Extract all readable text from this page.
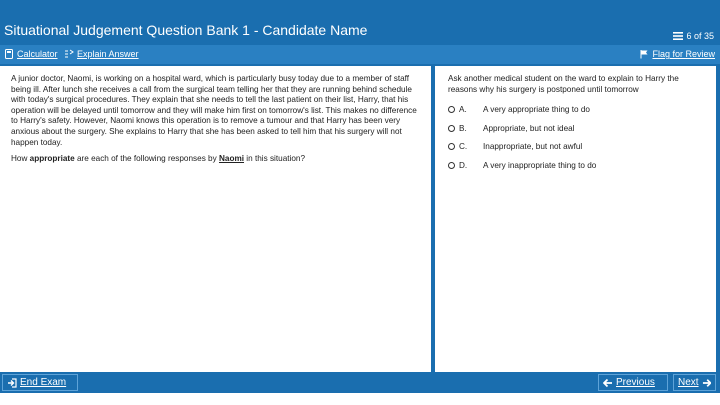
Situational Judgement Question Bank 1 - Candidate Name	6 of 35
Calculator Explain Answer	Flag for Review
A junior doctor, Naomi, is working on a hospital ward, which is particularly busy today due to a member of staff being ill. After lunch she receives a call from the surgical team telling her that they are running behind schedule with today's surgical procedures. They explain that she needs to tell the last patient on their list, Harry, that his operation will be delayed until tomorrow and they will make him first on tomorrow's list. This makes no difference to Harry's safety. However, Naomi knows this operation is to remove a tumour and that Harry has been very anxious about the surgery. She explains to Harry that she has been asked to tell him that his surgery will not happen today.
How appropriate are each of the following responses by Naomi in this situation?
Ask another medical student on the ward to explain to Harry the reasons why his surgery is postponed until tomorrow
A.	A very appropriate thing to do
B.	Appropriate, but not ideal
C.	Inappropriate, but not awful
D.	A very inappropriate thing to do
End Exam	Previous Next
